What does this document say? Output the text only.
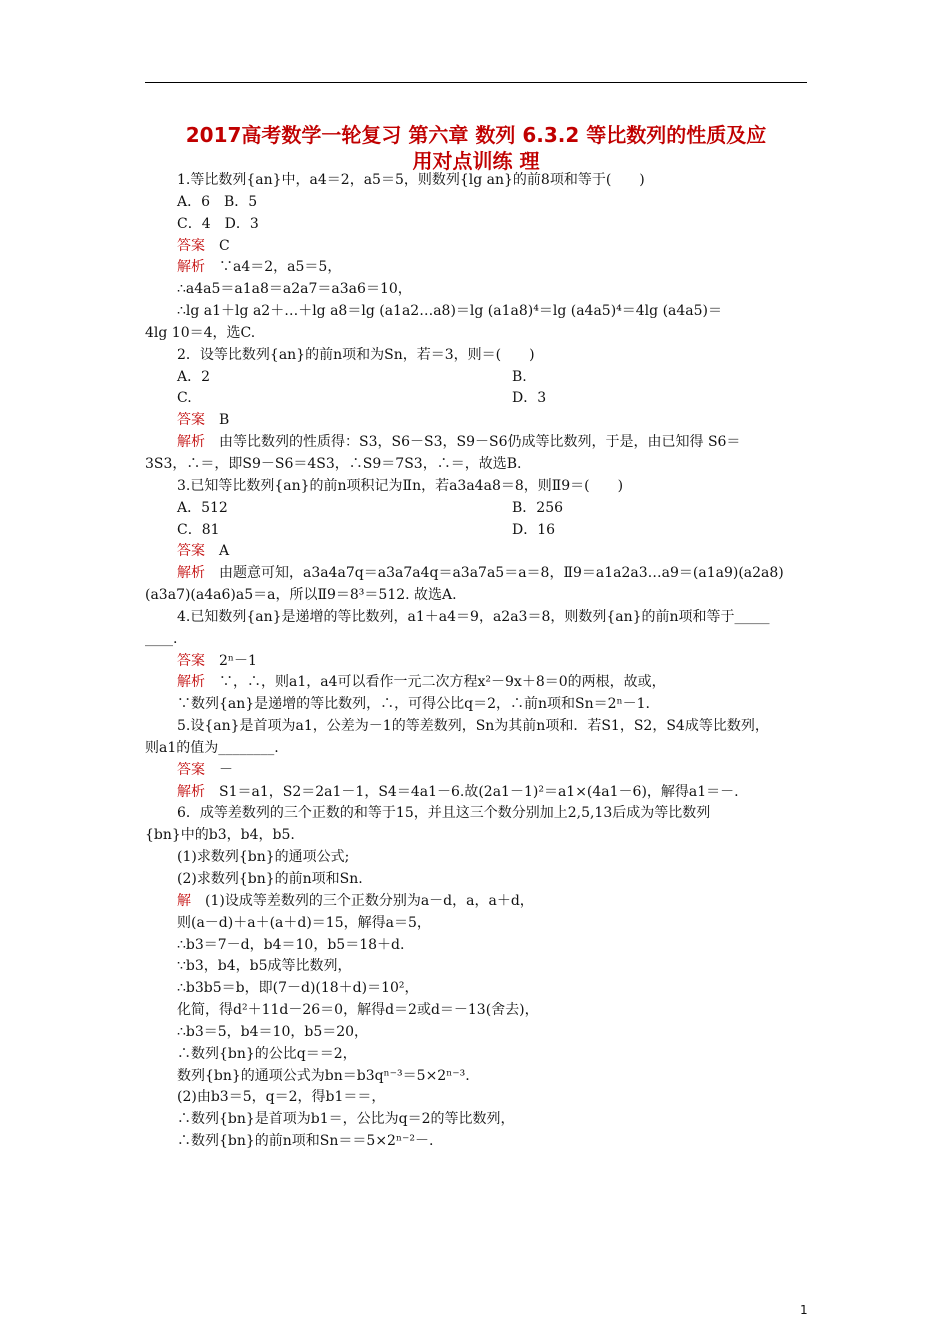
2017高考数学一轮复习 第六章 数列 6.3.2 等比数列的性质及应
用对点训练 理
1.等比数列{an}中，a4＝2，a5＝5，则数列{lg an}的前8项和等于(　　)
A．6　B．5
C．4　D．3
答案　C
解析　∵a4＝2，a5＝5，
∴a4a5＝a1a8＝a2a7＝a3a6＝10，
∴lg a1＋lg a2＋…＋lg a8＝lg (a1a2…a8)＝lg (a1a8)⁴＝lg (a4a5)⁴＝4lg (a4a5)＝
4lg 10＝4，选C.
2．设等比数列{an}的前n项和为Sn，若＝3，则＝(　　)
A．2	B.
C.	D．3
答案　B
解析　由等比数列的性质得：S3，S6－S3，S9－S6仍成等比数列，于是，由已知得 S6＝
3S3，∴＝，即S9－S6＝4S3，∴S9＝7S3，∴＝，故选B.
3.已知等比数列{an}的前n项积记为Ⅱn，若a3a4a8＝8，则Ⅱ9＝(　　)
A．512	B．256
C．81	D．16
答案　A
解析　由题意可知，a3a4a7q＝a3a7a4q＝a3a7a5＝a＝8，Ⅱ9＝a1a2a3…a9＝(a1a9)(a2a8)
(a3a7)(a4a6)a5＝a，所以Ⅱ9＝8³＝512. 故选A.
4.已知数列{an}是递增的等比数列，a1＋a4＝9，a2a3＝8，则数列{an}的前n项和等于_____
____.
答案　2ⁿ－1
解析　∵，∴，则a1，a4可以看作一元二次方程x²－9x＋8＝0的两根，故或，
∵数列{an}是递增的等比数列，∴，可得公比q＝2，∴前n项和Sn＝2ⁿ－1.
5.设{an}是首项为a1，公差为－1的等差数列，Sn为其前n项和．若S1，S2，S4成等比数列，
则a1的值为________.
答案　－
解析　S1＝a1，S2＝2a1－1，S4＝4a1－6.故(2a1－1)²＝a1×(4a1－6)，解得a1＝－.
6．成等差数列的三个正数的和等于15，并且这三个数分别加上2,5,13后成为等比数列
{bn}中的b3，b4，b5.
(1)求数列{bn}的通项公式;
(2)求数列{bn}的前n项和Sn.
解　(1)设成等差数列的三个正数分别为a－d，a，a＋d，
则(a－d)＋a＋(a＋d)＝15，解得a＝5，
∴b3＝7－d，b4＝10，b5＝18＋d.
∵b3，b4，b5成等比数列，
∴b3b5＝b，即(7－d)(18＋d)＝10²，
化简，得d²＋11d－26＝0，解得d＝2或d＝－13(舍去)，
∴b3＝5，b4＝10，b5＝20，
∴数列{bn}的公比q＝＝2，
数列{bn}的通项公式为bn＝b3qⁿ⁻³＝5×2ⁿ⁻³.
(2)由b3＝5，q＝2，得b1＝＝，
∴数列{bn}是首项为b1＝，公比为q＝2的等比数列，
∴数列{bn}的前n项和Sn＝＝5×2ⁿ⁻²－.
1
